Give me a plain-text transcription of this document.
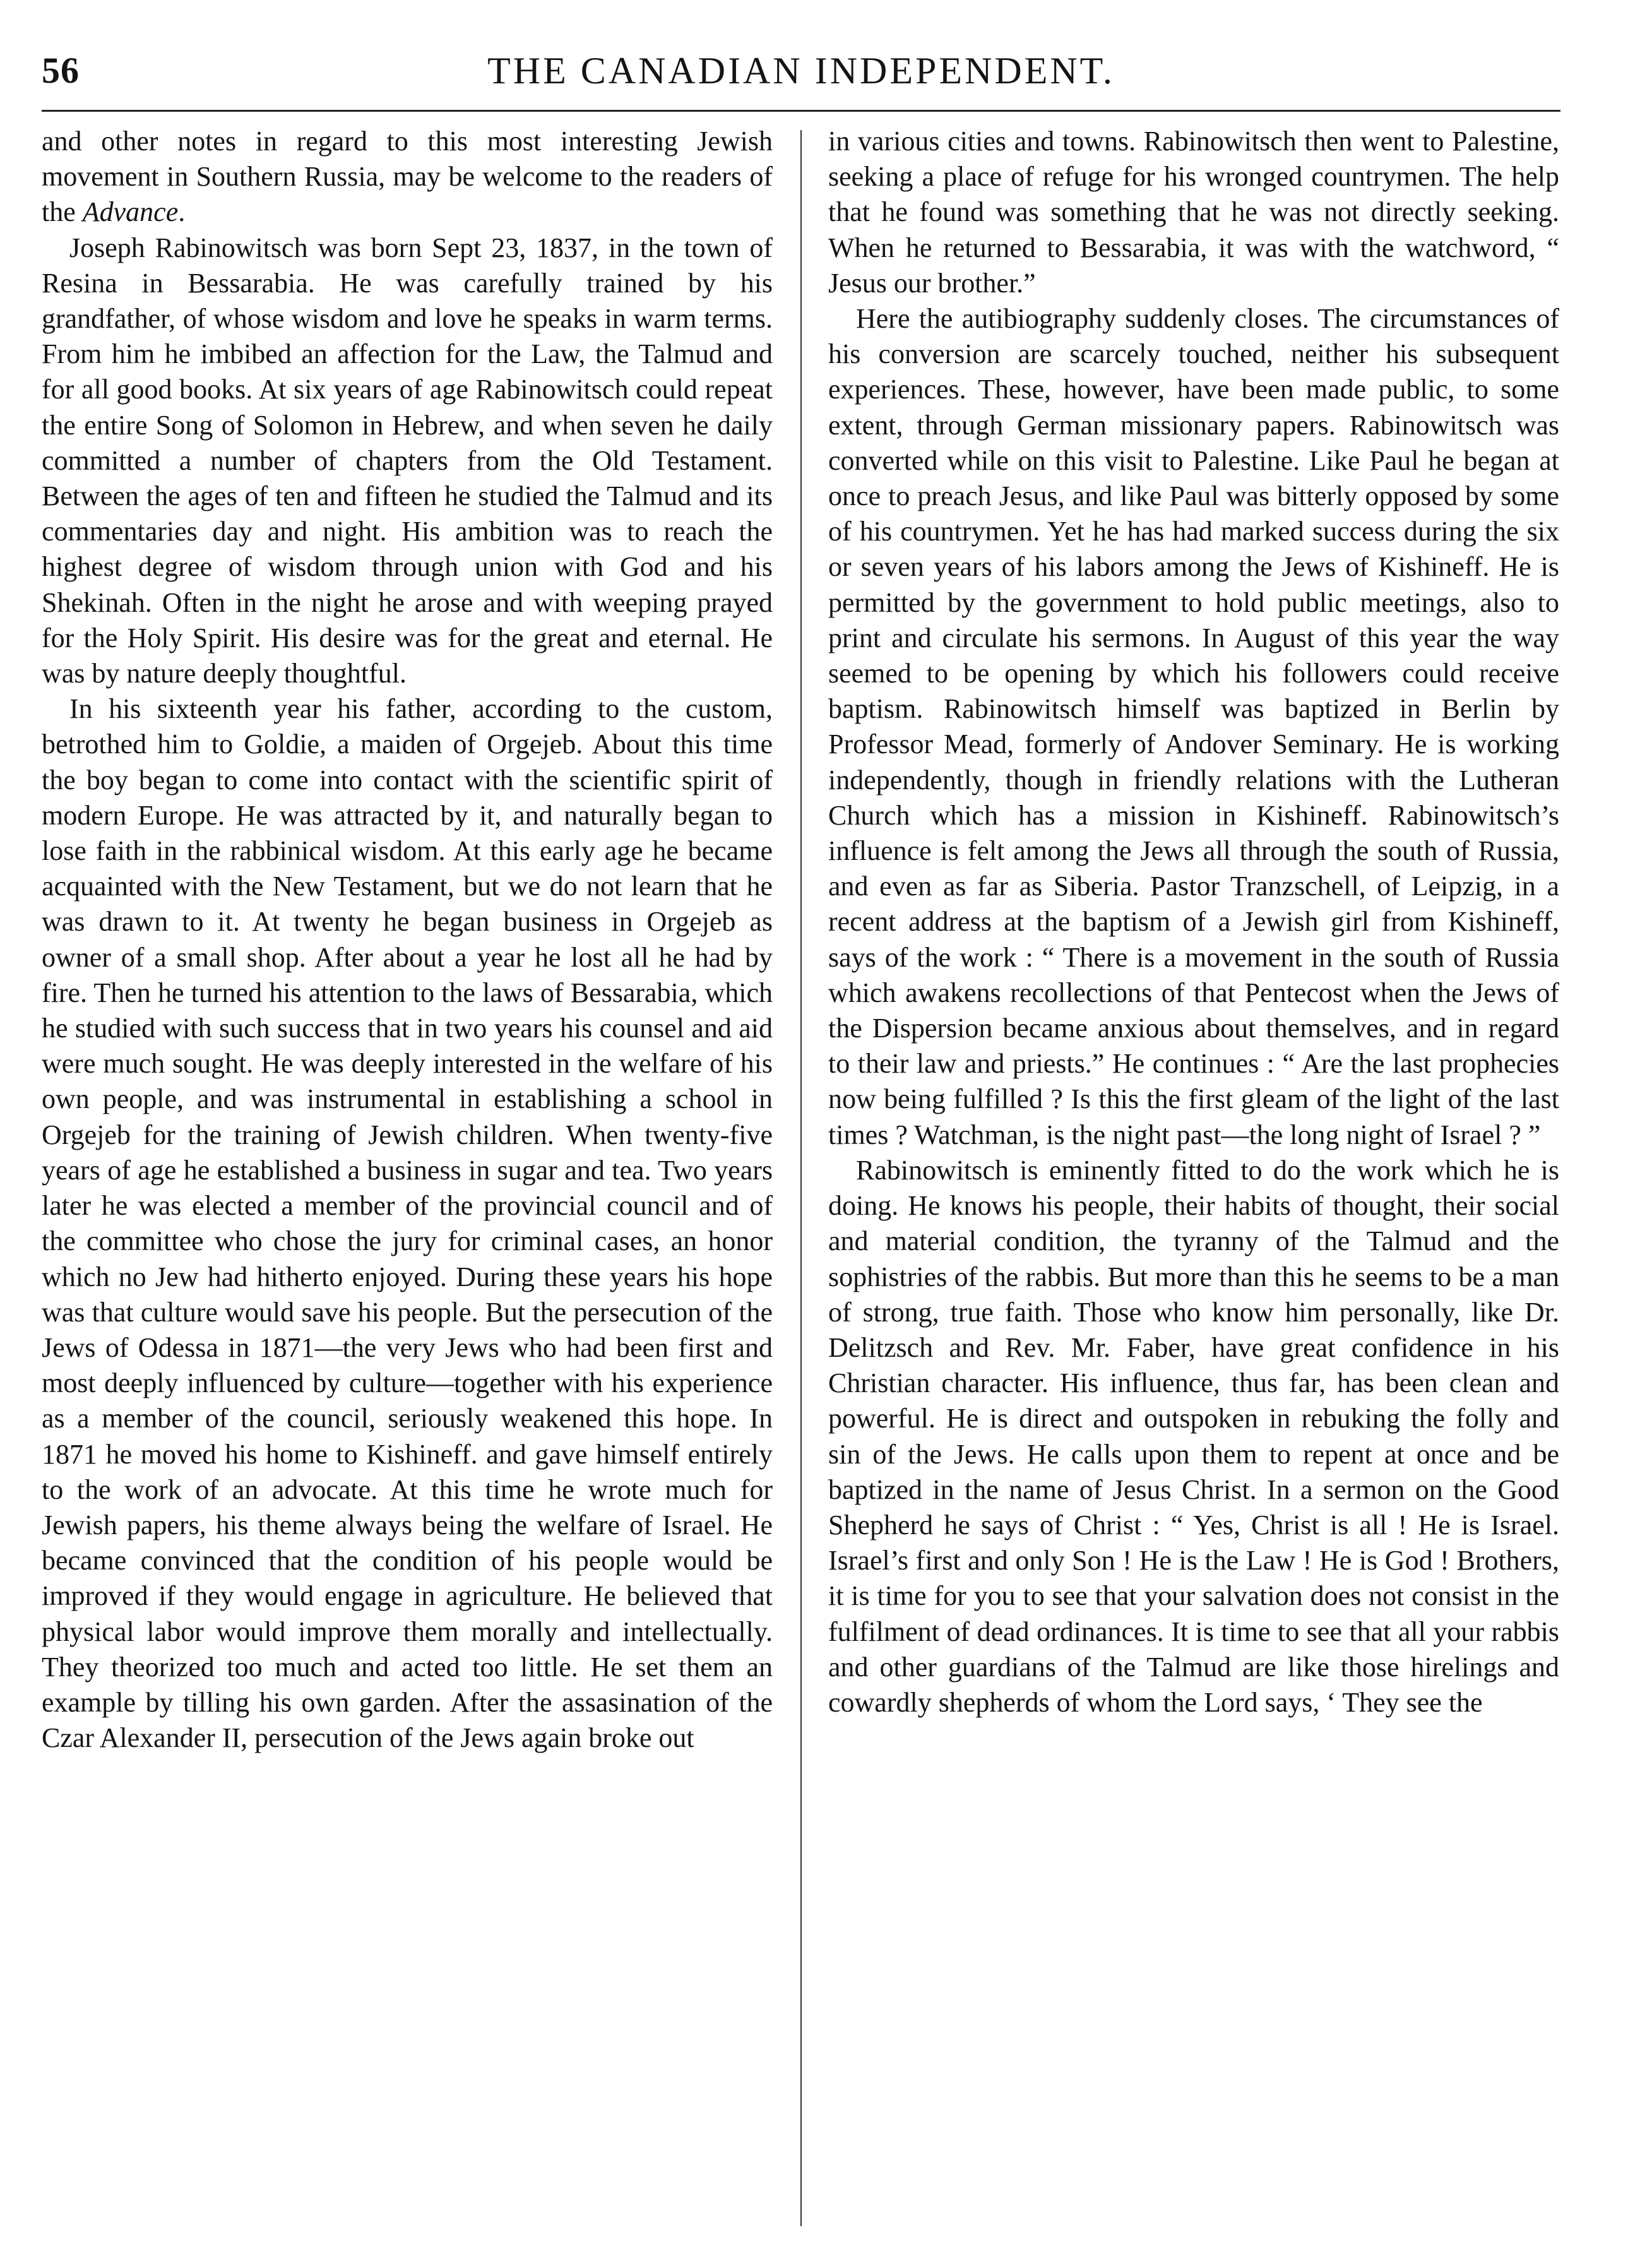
56	THE CANADIAN INDEPENDENT.

and other notes in regard to this most interesting Jewish movement in Southern Russia, may be welcome to the readers of the Advance.

Joseph Rabinowitsch was born Sept 23, 1837, in the town of Resina in Bessarabia. He was carefully trained by his grandfather, of whose wisdom and love he speaks in warm terms. From him he imbibed an affection for the Law, the Talmud and for all good books. At six years of age Rabinowitsch could repeat the entire Song of Solomon in Hebrew, and when seven he daily committed a number of chapters from the Old Testament. Between the ages of ten and fifteen he studied the Talmud and its commentaries day and night. His ambition was to reach the highest degree of wisdom through union with God and his Shekinah. Often in the night he arose and with weeping prayed for the Holy Spirit. His desire was for the great and eternal. He was by nature deeply thoughtful.

In his sixteenth year his father, according to the custom, betrothed him to Goldie, a maiden of Orgejeb. About this time the boy began to come into contact with the scientific spirit of modern Europe. He was attracted by it, and naturally began to lose faith in the rabbinical wisdom. At this early age he became acquainted with the New Testament, but we do not learn that he was drawn to it. At twenty he began business in Orgejeb as owner of a small shop. After about a year he lost all he had by fire. Then he turned his attention to the laws of Bessarabia, which he studied with such success that in two years his counsel and aid were much sought. He was deeply interested in the welfare of his own people, and was instrumental in establishing a school in Orgejeb for the training of Jewish children. When twenty-five years of age he established a business in sugar and tea. Two years later he was elected a member of the provincial council and of the committee who chose the jury for criminal cases, an honor which no Jew had hitherto enjoyed. During these years his hope was that culture would save his people. But the persecution of the Jews of Odessa in 1871—the very Jews who had been first and most deeply influenced by culture—together with his experience as a member of the council, seriously weakened this hope. In 1871 he moved his home to Kishineff. and gave himself entirely to the work of an advocate. At this time he wrote much for Jewish papers, his theme always being the welfare of Israel. He became convinced that the condition of his people would be improved if they would engage in agriculture. He believed that physical labor would improve them morally and intellectually. They theorized too much and acted too little. He set them an example by tilling his own garden. After the assasination of the Czar Alexander II, persecution of the Jews again broke out

in various cities and towns. Rabinowitsch then went to Palestine, seeking a place of refuge for his wronged countrymen. The help that he found was something that he was not directly seeking. When he returned to Bessarabia, it was with the watchword, “ Jesus our brother.”

Here the autibiography suddenly closes. The circumstances of his conversion are scarcely touched, neither his subsequent experiences. These, however, have been made public, to some extent, through German missionary papers. Rabinowitsch was converted while on this visit to Palestine. Like Paul he began at once to preach Jesus, and like Paul was bitterly opposed by some of his countrymen. Yet he has had marked success during the six or seven years of his labors among the Jews of Kishineff. He is permitted by the government to hold public meetings, also to print and circulate his sermons. In August of this year the way seemed to be opening by which his followers could receive baptism. Rabinowitsch himself was baptized in Berlin by Professor Mead, formerly of Andover Seminary. He is working independently, though in friendly relations with the Lutheran Church which has a mission in Kishineff. Rabinowitsch’s influence is felt among the Jews all through the south of Russia, and even as far as Siberia. Pastor Tranzschell, of Leipzig, in a recent address at the baptism of a Jewish girl from Kishineff, says of the work : “ There is a movement in the south of Russia which awakens recollections of that Pentecost when the Jews of the Dispersion became anxious about themselves, and in regard to their law and priests.” He continues : “ Are the last prophecies now being fulfilled ? Is this the first gleam of the light of the last times ? Watchman, is the night past—the long night of Israel ? ”

Rabinowitsch is eminently fitted to do the work which he is doing. He knows his people, their habits of thought, their social and material condition, the tyranny of the Talmud and the sophistries of the rabbis. But more than this he seems to be a man of strong, true faith. Those who know him personally, like Dr. Delitzsch and Rev. Mr. Faber, have great confidence in his Christian character. His influence, thus far, has been clean and powerful. He is direct and outspoken in rebuking the folly and sin of the Jews. He calls upon them to repent at once and be baptized in the name of Jesus Christ. In a sermon on the Good Shepherd he says of Christ : “ Yes, Christ is all ! He is Israel. Israel’s first and only Son ! He is the Law ! He is God ! Brothers, it is time for you to see that your salvation does not consist in the fulfilment of dead ordinances. It is time to see that all your rabbis and other guardians of the Talmud are like those hirelings and cowardly shepherds of whom the Lord says, ‘ They see the
